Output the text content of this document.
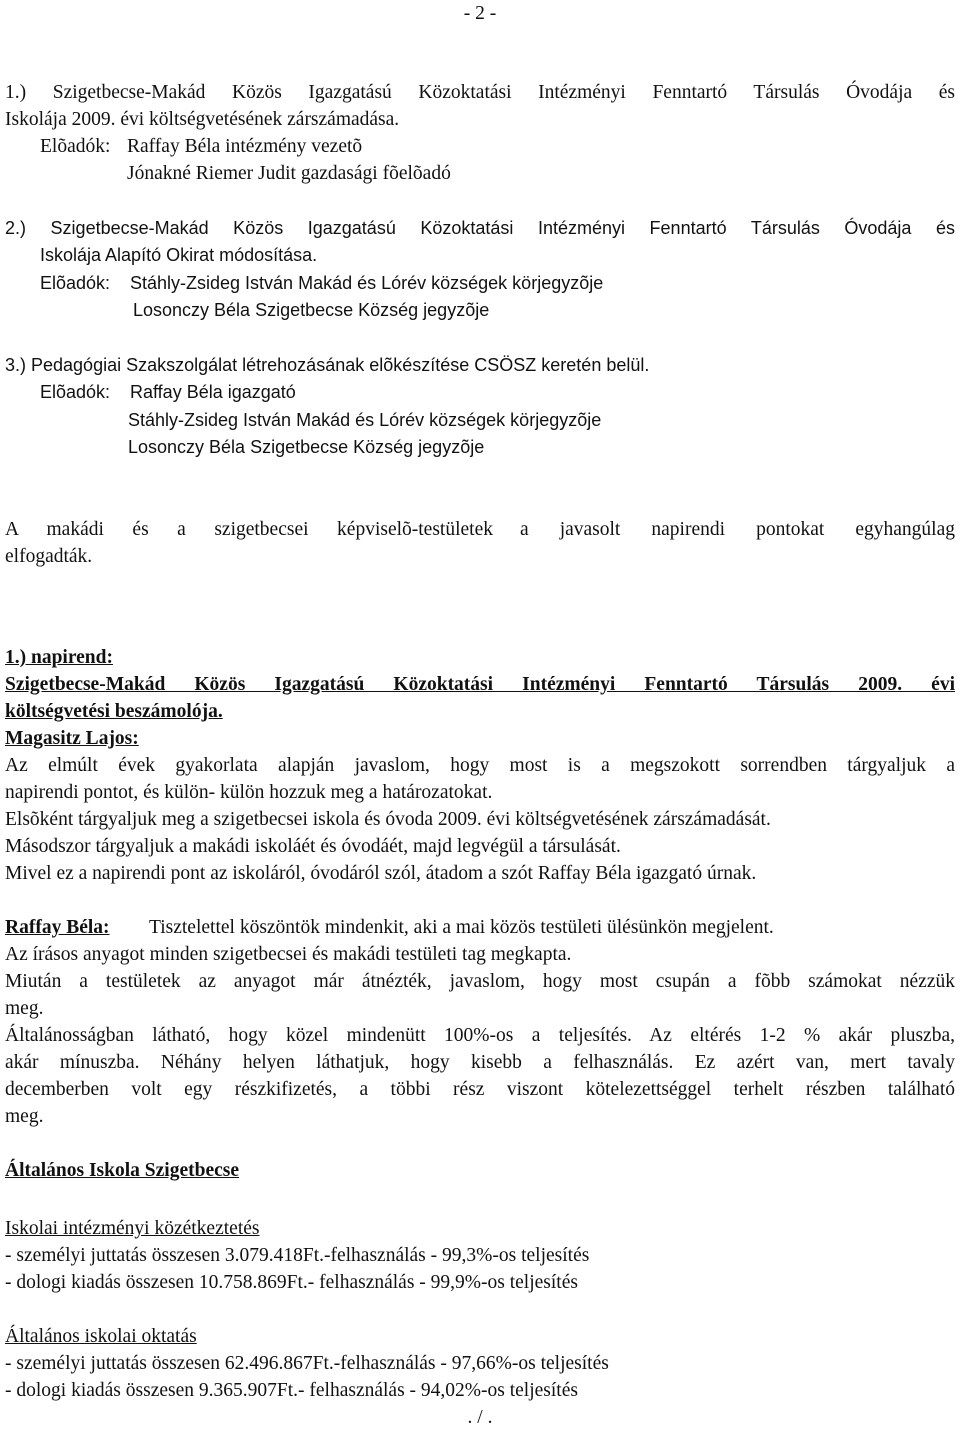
- 2 -
1.) Szigetbecse-Makád Közös Igazgatású Közoktatási Intézményi Fenntartó Társulás Óvodája és
Iskolája 2009. évi költségvetésének zárszámadása.
Elõadók: Raffay Béla intézmény vezetõ
Jónakné Riemer Judit gazdasági fõelõadó
2.) Szigetbecse-Makád Közös Igazgatású Közoktatási Intézményi Fenntartó Társulás Óvodája és
Iskolája Alapító Okirat módosítása.
Elõadók: Stáhly-Zsideg István Makád és Lórév községek körjegyzõje
Losonczy Béla Szigetbecse Község jegyzõje
3.) Pedagógiai Szakszolgálat létrehozásának elõkészítése CSÖSZ keretén belül.
Elõadók: Raffay Béla igazgató
Stáhly-Zsideg István Makád és Lórév községek körjegyzõje
Losonczy Béla Szigetbecse Község jegyzõje
A makádi és a szigetbecsei képviselõ-testületek a javasolt napirendi pontokat egyhangúlag
elfogadták.
1.) napirend:
Szigetbecse-Makád Közös Igazgatású Közoktatási Intézményi Fenntartó Társulás 2009. évi
költségvetési beszámolója.
Magasitz Lajos:
Az elmúlt évek gyakorlata alapján javaslom, hogy most is a megszokott sorrendben tárgyaljuk a
napirendi pontot, és külön- külön hozzuk meg a határozatokat.
Elsõként tárgyaljuk meg a szigetbecsei iskola és óvoda 2009. évi költségvetésének zárszámadását.
Másodszor tárgyaljuk a makádi iskoláét és óvodáét, majd legvégül a társulását.
Mivel ez a napirendi pont az iskoláról, óvodáról szól, átadom a szót Raffay Béla igazgató úrnak.
Raffay Béla: Tisztelettel köszöntök mindenkit, aki a mai közös testületi ülésünkön megjelent.
Az írásos anyagot minden szigetbecsei és makádi testületi tag megkapta.
Miután a testületek az anyagot már átnézték, javaslom, hogy most csupán a fõbb számokat nézzük
meg.
Általánosságban látható, hogy közel mindenütt 100%-os a teljesítés. Az eltérés 1-2 % akár pluszba,
akár mínuszba. Néhány helyen láthatjuk, hogy kisebb a felhasználás. Ez azért van, mert tavaly
decemberben volt egy részkifizetés, a többi rész viszont kötelezettséggel terhelt részben található
meg.
Általános Iskola Szigetbecse
Iskolai intézményi közétkeztetés
- személyi juttatás összesen 3.079.418Ft.-felhasználás - 99,3%-os teljesítés
- dologi kiadás összesen 10.758.869Ft.- felhasználás - 99,9%-os teljesítés
Általános iskolai oktatás
- személyi juttatás összesen 62.496.867Ft.-felhasználás - 97,66%-os teljesítés
- dologi kiadás összesen 9.365.907Ft.- felhasználás - 94,02%-os teljesítés
. / .
